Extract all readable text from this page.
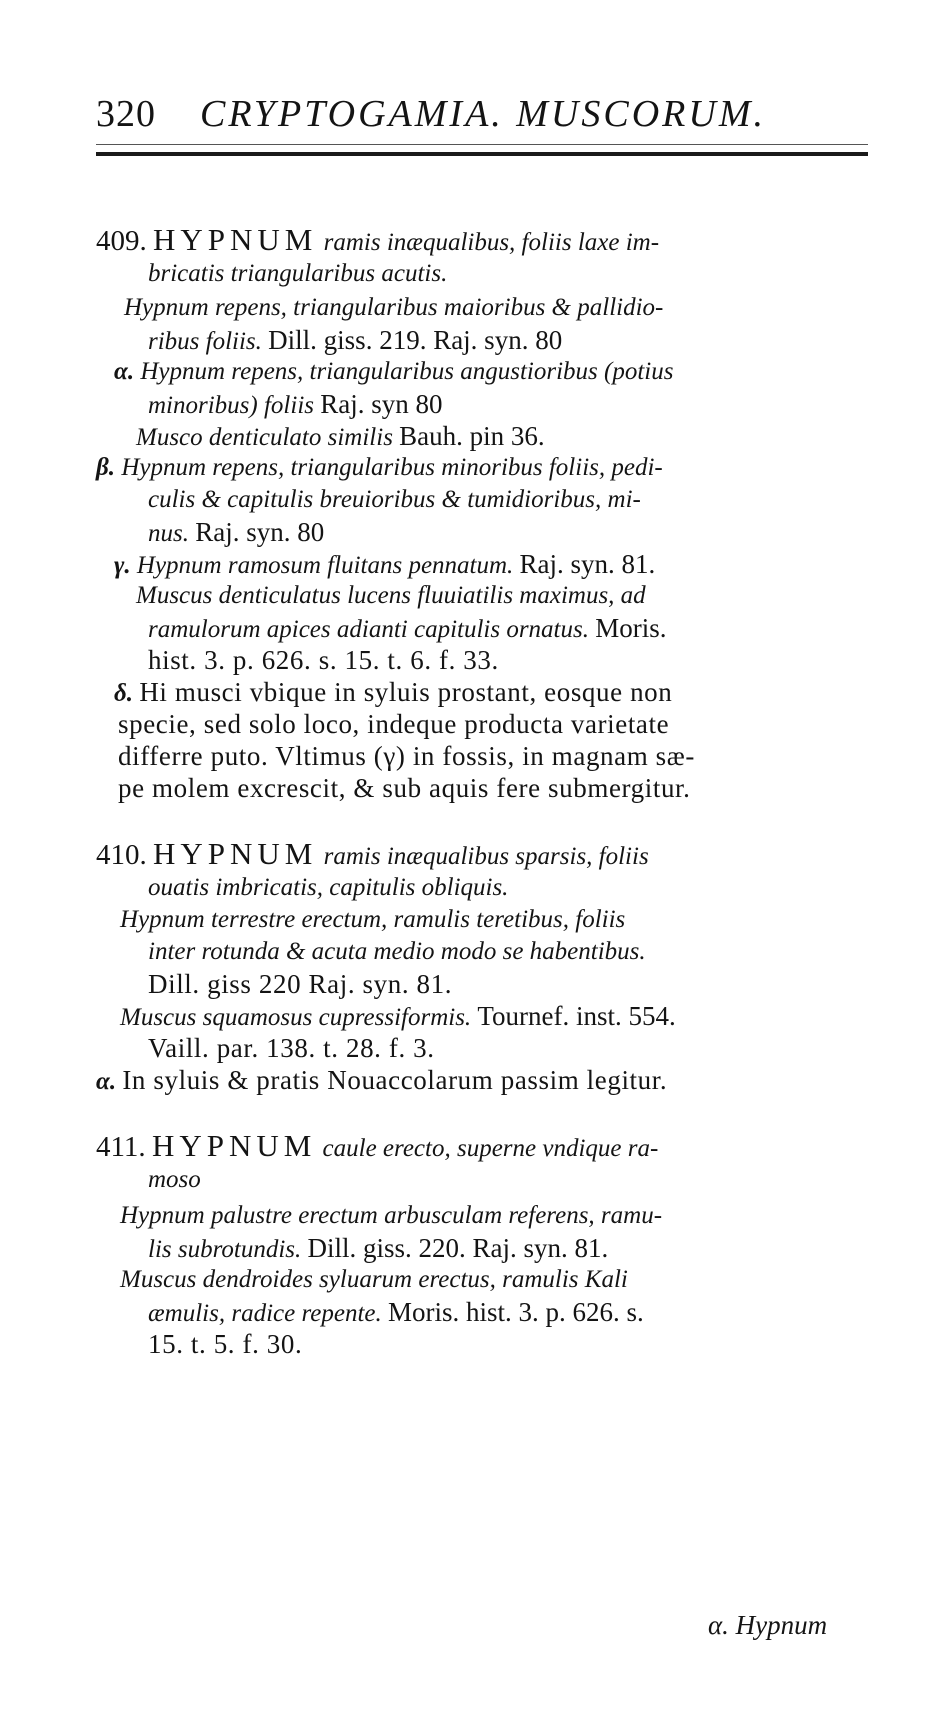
320 CRYPTOGAMIA. MUSCORUM.
409. HYPNUM ramis inæqualibus, foliis laxe im-
bricatis triangularibus acutis.
Hypnum repens, triangularibus maioribus & pallidio-
ribus foliis. Dill. giss. 219. Raj. syn. 80
α. Hypnum repens, triangularibus angustioribus (potius
minoribus) foliis Raj. syn 80
Musco denticulato similis Bauh. pin 36.
β. Hypnum repens, triangularibus minoribus foliis, pedi-
culis & capitulis breuioribus & tumidioribus, mi-
nus. Raj. syn. 80
γ. Hypnum ramosum fluitans pennatum. Raj. syn. 81.
Muscus denticulatus lucens fluuiatilis maximus, ad
ramulorum apices adianti capitulis ornatus. Moris.
hist. 3. p. 626. s. 15. t. 6. f. 33.
δ. Hi musci vbique in syluis prostant, eosque non
specie, sed solo loco, indeque producta varietate
differre puto. Vltimus (γ) in fossis, in magnam sæ-
pe molem excrescit, & sub aquis fere submergitur.
410. HYPNUM ramis inæqualibus sparsis, foliis
ouatis imbricatis, capitulis obliquis.
Hypnum terrestre erectum, ramulis teretibus, foliis
inter rotunda & acuta medio modo se habentibus.
Dill. giss 220 Raj. syn. 81.
Muscus squamosus cupressiformis. Tournef. inst. 554.
Vaill. par. 138. t. 28. f. 3.
α. In syluis & pratis Nouaccolarum passim legitur.
411. HYPNUM caule erecto, superne vndique ra-
moso
Hypnum palustre erectum arbusculam referens, ramu-
lis subrotundis. Dill. giss. 220. Raj. syn. 81.
Muscus dendroides syluarum erectus, ramulis Kali
æmulis, radice repente. Moris. hist. 3. p. 626. s.
15. t. 5. f. 30.
α. Hypnum
